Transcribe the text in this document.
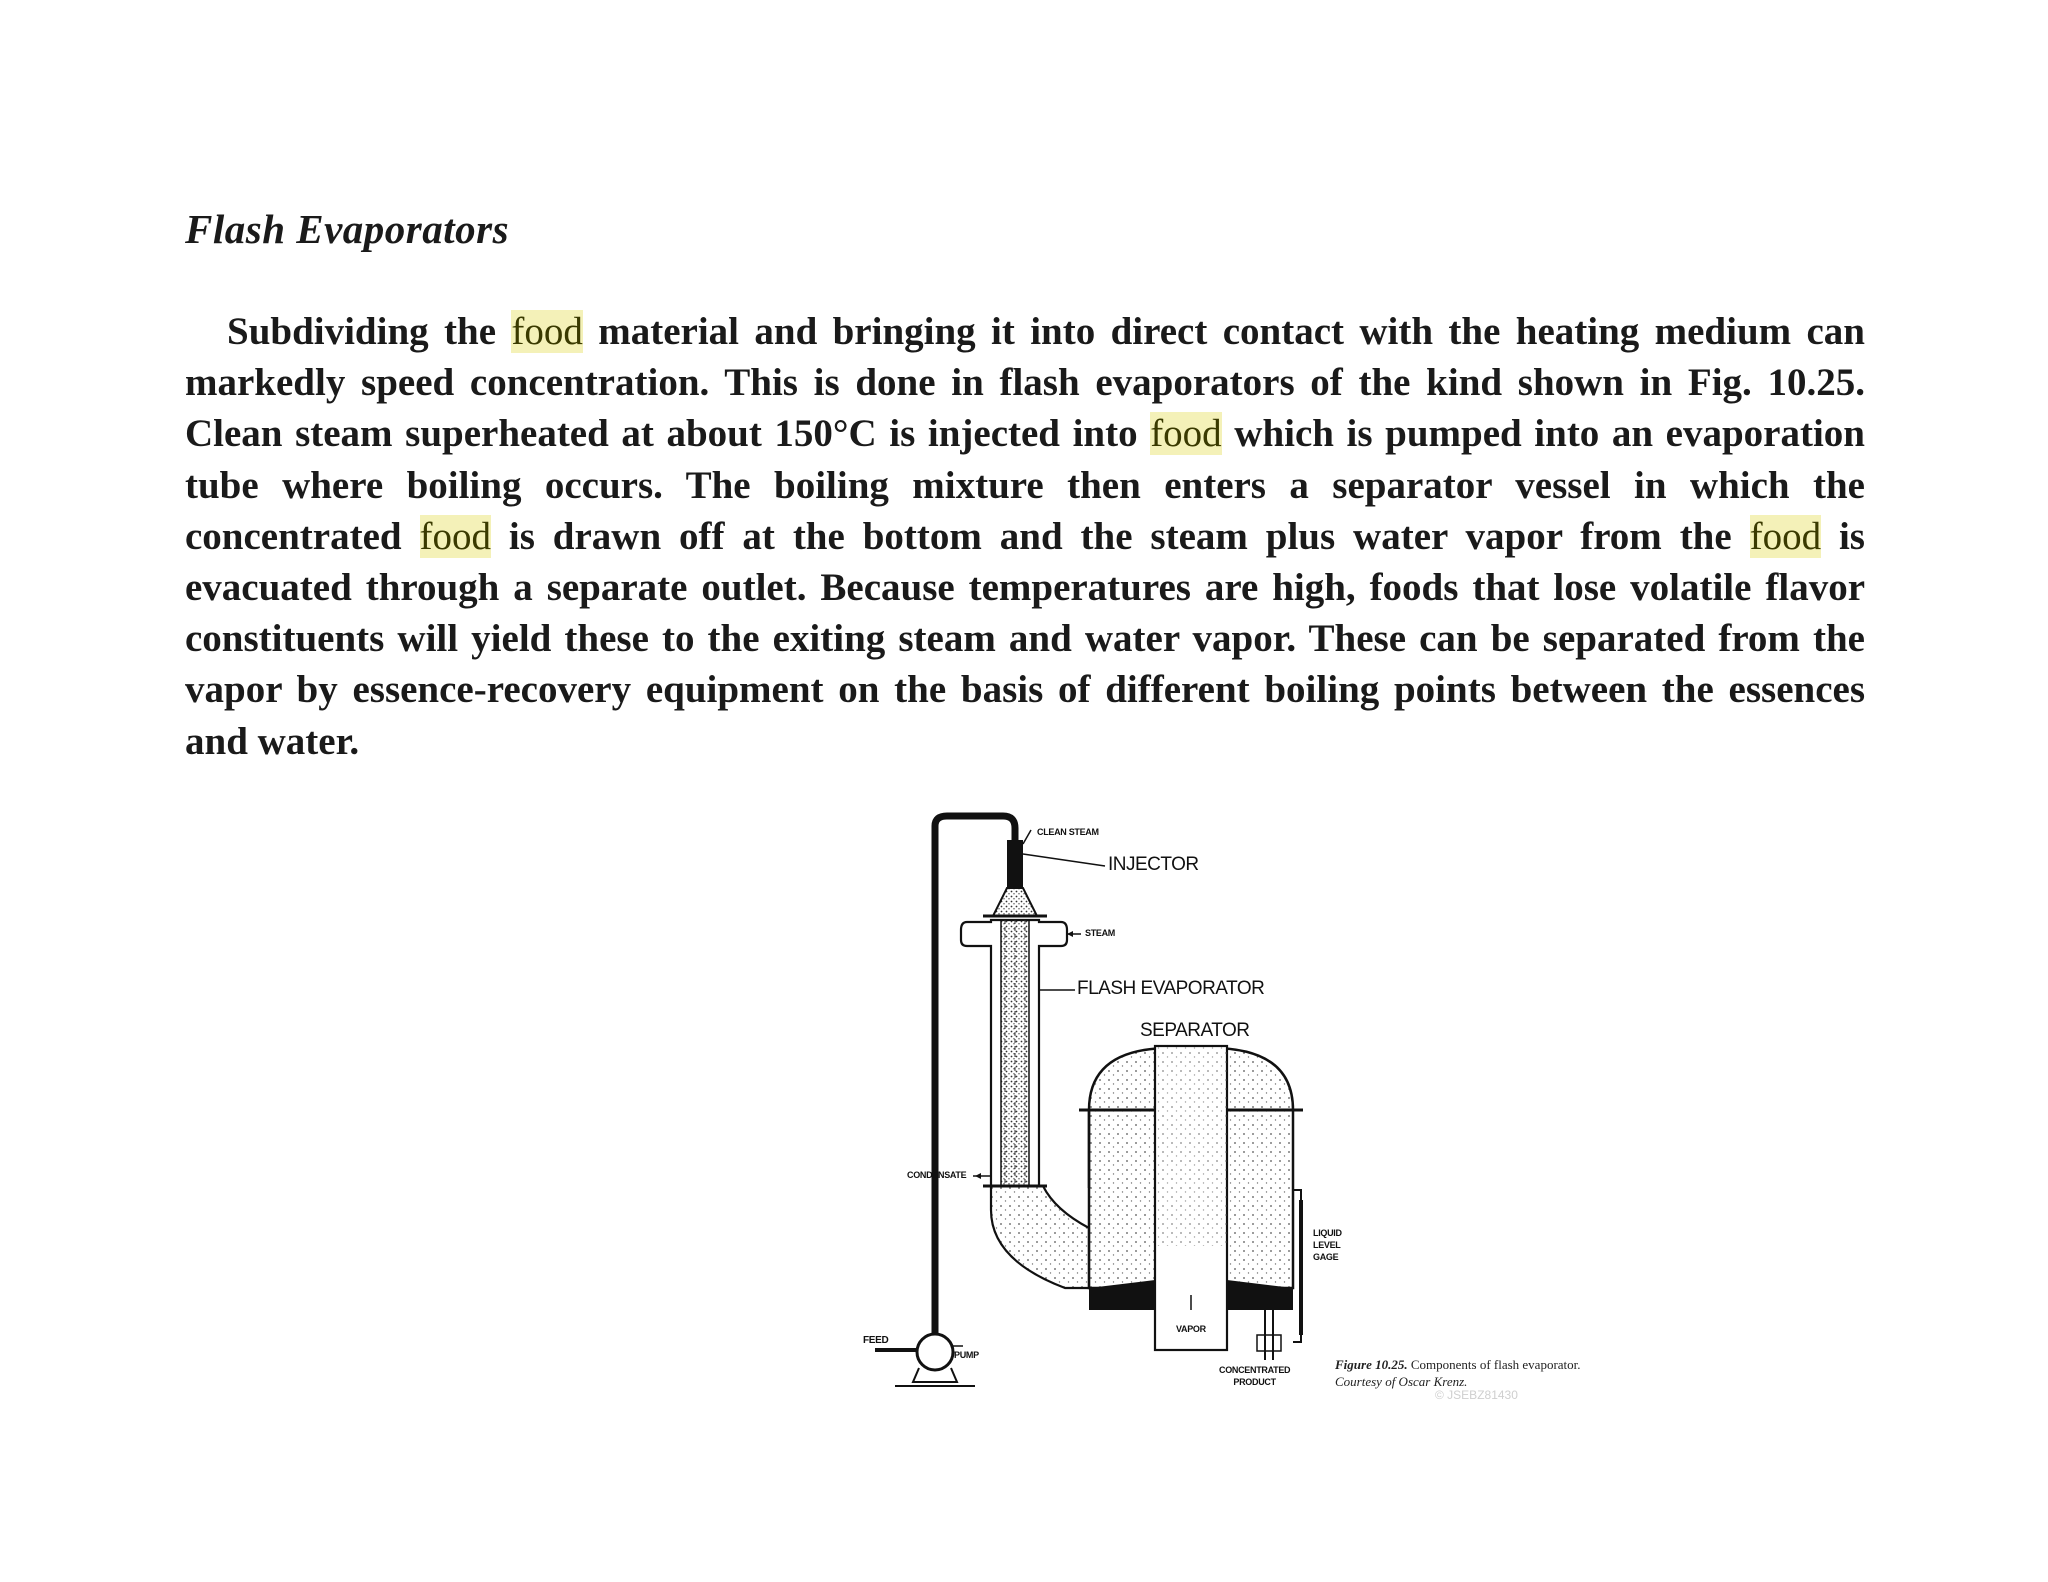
Flash Evaporators
Subdividing the food material and bringing it into direct contact with the heating medium can markedly speed concentration. This is done in flash evaporators of the kind shown in Fig. 10.25. Clean steam superheated at about 150°C is injected into food which is pumped into an evaporation tube where boiling occurs. The boiling mixture then enters a separator vessel in which the concentrated food is drawn off at the bottom and the steam plus water vapor from the food is evacuated through a separate outlet. Because temperatures are high, foods that lose volatile flavor constituents will yield these to the exiting steam and water vapor. These can be separated from the vapor by essence-recovery equipment on the basis of different boiling points between the essences and water.
CLEAN STEAM
INJECTOR
STEAM
FLASH EVAPORATOR
SEPARATOR
CONDENSATE
LIQUID
LEVEL
GAGE
VAPOR
FEED
PUMP
CONCENTRATED
PRODUCT
Figure 10.25. Components of flash evaporator. Courtesy of Oscar Krenz.
© JSEBZ81430
